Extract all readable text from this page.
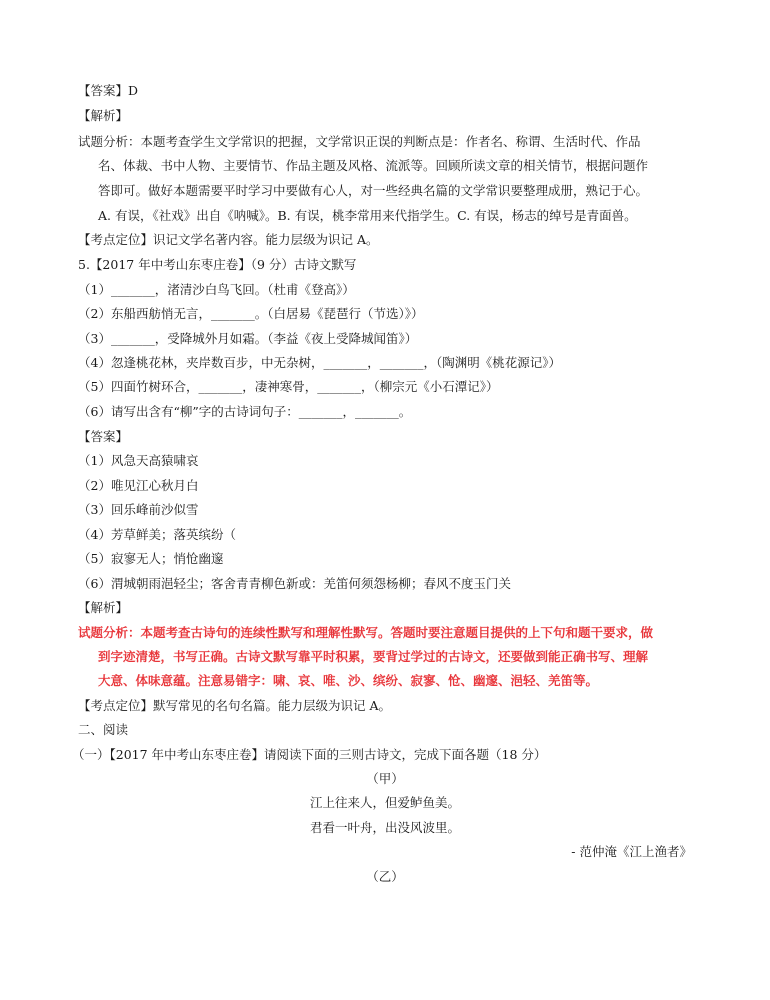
【答案】D
【解析】
试题分析：本题考查学生文学常识的把握，文学常识正误的判断点是：作者名、称谓、生活时代、作品
名、体裁、书中人物、主要情节、作品主题及风格、流派等。回顾所读文章的相关情节，根据问题作
答即可。做好本题需要平时学习中要做有心人，对一些经典名篇的文学常识要整理成册，熟记于心。
A. 有误，《社戏》出自《呐喊》。B. 有误，桃李常用来代指学生。C. 有误，杨志的绰号是青面兽。
【考点定位】识记文学名著内容。能力层级为识记 A。
5.【2017 年中考山东枣庄卷】（9 分）古诗文默写
（1）_______，渚清沙白鸟飞回。（杜甫《登高》）
（2）东船西舫悄无言，_______。（白居易《琵琶行（节选）》）
（3）_______，受降城外月如霜。（李益《夜上受降城闻笛》）
（4）忽逢桃花林，夹岸数百步，中无杂树，_______，_______，（陶渊明《桃花源记》）
（5）四面竹树环合，_______，凄神寒骨，_______，（柳宗元《小石潭记》）
（6）请写出含有“柳”字的古诗词句子：_______，_______。
【答案】
（1）风急天高猿啸哀
（2）唯见江心秋月白
（3）回乐峰前沙似雪
（4）芳草鲜美；落英缤纷（
（5）寂寥无人；悄怆幽邃
（6）渭城朝雨浥轻尘；客舍青青柳色新或：羌笛何须怨杨柳；春风不度玉门关
【解析】
试题分析：本题考查古诗句的连续性默写和理解性默写。答题时要注意题目提供的上下句和题干要求，做
到字迹清楚，书写正确。古诗文默写靠平时积累，要背过学过的古诗文，还要做到能正确书写、理解
大意、体味意蕴。注意易错字：啸、哀、唯、沙、缤纷、寂寥、怆、幽邃、浥轻、羌笛等。
【考点定位】默写常见的名句名篇。能力层级为识记 A。
二、阅读
（一）【2017 年中考山东枣庄卷】请阅读下面的三则古诗文，完成下面各题（18 分）
（甲）
江上往来人，但爱鲈鱼美。
君看一叶舟，出没风波里。
- 范仲淹《江上渔者》
（乙）
